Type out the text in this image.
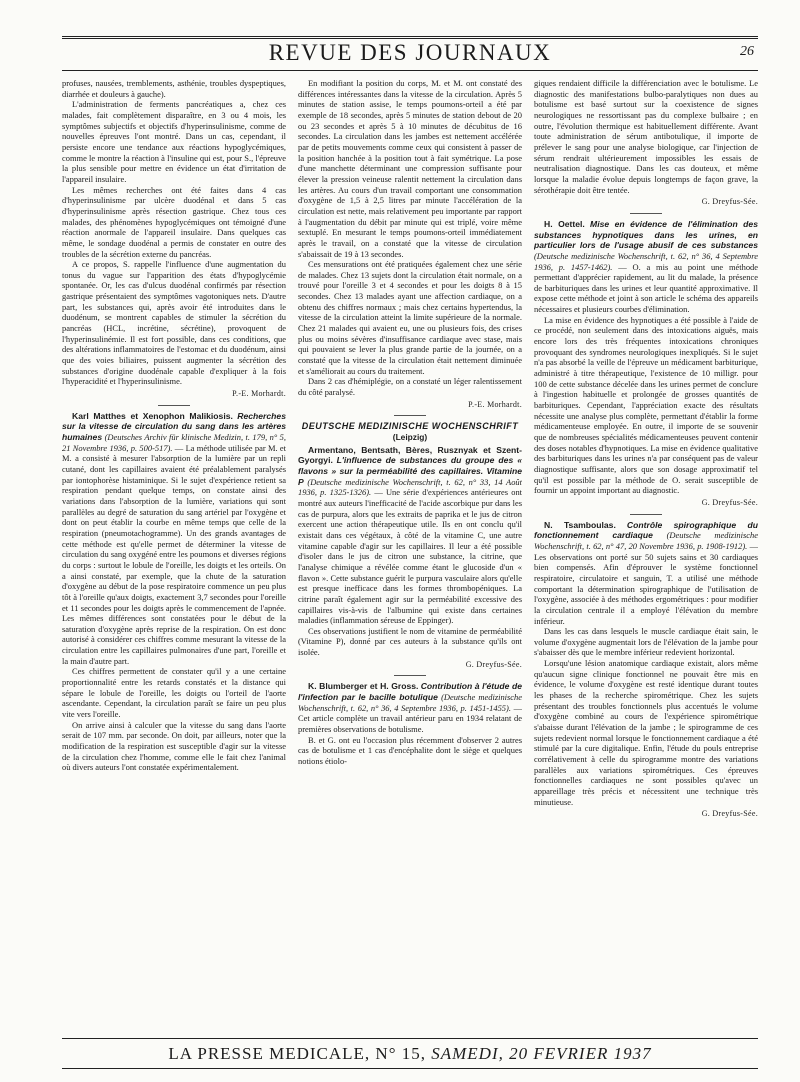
REVUE DES JOURNAUX	26

profuses, nausées, tremblements, asthénie, troubles dyspeptiques, diarrhée et douleurs à gauche).

L'administration de ferments pancréatiques a, chez ces malades, fait complètement disparaître, en 3 ou 4 mois, les symptômes subjectifs et objectifs d'hyperinsulinisme, comme de nouvelles épreuves l'ont montré. Dans un cas, cependant, il persiste encore une tendance aux réactions hypoglycémiques, comme le montre la réaction à l'insuline qui est, pour S., l'épreuve la plus sensible pour mettre en évidence un état d'irritation de l'appareil insulaire.

Les mêmes recherches ont été faites dans 4 cas d'hyperinsulinisme par ulcère duodénal et dans 5 cas d'hyperinsulinisme après résection gastrique. Chez tous ces malades, des phénomènes hypoglycémiques ont témoigné d'une réaction anormale de l'appareil insulaire. Dans quelques cas même, le sondage duodénal a permis de constater en outre des troubles de la sécrétion externe du pancréas.

A ce propos, S. rappelle l'influence d'une augmentation du tonus du vague sur l'apparition des états d'hypoglycémie spontanée. Or, les cas d'ulcus duodénal confirmés par résection gastrique présentaient des symptômes vagotoniques nets. D'autre part, les substances qui, après avoir été introduites dans le duodénum, se montrent capables de stimuler la sécrétion du pancréas (HCL, incrétine, sécrétine), provoquent de l'hyperinsulinémie. Il est fort possible, dans ces conditions, que des altérations inflammatoires de l'estomac et du duodénum, ainsi que des voies biliaires, puissent augmenter la sécrétion des substances d'origine duodénale capable d'expliquer à la fois l'hyperacidité et l'hyperinsulinisme.

P.-E. Morhardt.

Karl Matthes et Xenophon Malikiosis. Recherches sur la vitesse de circulation du sang dans les artères humaines (Deutsches Archiv für klinische Medizin, t. 179, n° 5, 21 Novembre 1936, p. 500-517). — La méthode utilisée par M. et M. a consisté à mesurer l'absorption de la lumière par un repli cutané, dont les capillaires avaient été préalablement paralysés par iontophorèse histaminique. Si le sujet d'expérience retient sa respiration pendant quelque temps, on constate ainsi des variations dans l'absorption de la lumière, variations qui sont parallèles au degré de saturation du sang artériel par l'oxygène et dont on peut établir la courbe en même temps que celle de la respiration (pneumotachogramme). Un des grands avantages de cette méthode est qu'elle permet de déterminer la vitesse de circulation du sang oxygéné entre les poumons et diverses régions du corps : surtout le lobule de l'oreille, les doigts et les orteils. On a ainsi constaté, par exemple, que la chute de la saturation d'oxygène au début de la pose respiratoire commence un peu plus tôt à l'oreille qu'aux doigts, exactement 3,7 secondes pour l'oreille et 11 secondes pour les doigts après le commencement de l'apnée. Les mêmes différences sont constatées pour le début de la saturation d'oxygène après reprise de la respiration. On est donc autorisé à considérer ces chiffres comme mesurant la vitesse de la circulation entre les capillaires pulmonaires d'une part, l'oreille et la main d'autre part.

Ces chiffres permettent de constater qu'il y a une certaine proportionnalité entre les retards constatés et la distance qui sépare le lobule de l'oreille, les doigts ou l'orteil de l'aorte ascendante. Cependant, la circulation paraît se faire un peu plus vite vers l'oreille.

On arrive ainsi à calculer que la vitesse du sang dans l'aorte serait de 107 mm. par seconde. On doit, par ailleurs, noter que la modification de la respiration est susceptible d'agir sur la vitesse de la circulation chez l'homme, comme elle le fait chez l'animal où divers auteurs l'ont constatée expérimentalement.

En modifiant la position du corps, M. et M. ont constaté des différences intéressantes dans la vitesse de la circulation. Après 5 minutes de station assise, le temps poumons-orteil a été par exemple de 18 secondes, après 5 minutes de station debout de 20 ou 23 secondes et après 5 à 10 minutes de décubitus de 16 secondes. La circulation dans les jambes est nettement accélérée par de petits mouvements comme ceux qui consistent à passer de la position hanchée à la position tout à fait symétrique. La pose d'une manchette déterminant une compression suffisante pour élever la pression veineuse ralentit nettement la circulation dans les artères. Au cours d'un travail comportant une consommation d'oxygène de 1,5 à 2,5 litres par minute l'accélération de la circulation est nette, mais relativement peu importante par rapport à l'augmentation du débit par minute qui est triplé, voire même sextuplé. En mesurant le temps poumons-orteil immédiatement après le travail, on a constaté que la vitesse de circulation s'abaissait de 19 à 13 secondes.

Ces mensurations ont été pratiquées également chez une série de malades. Chez 13 sujets dont la circulation était normale, on a trouvé pour l'oreille 3 et 4 secondes et pour les doigts 8 à 15 secondes. Chez 13 malades ayant une affection cardiaque, on a obtenu des chiffres normaux ; mais chez certains hypertendus, la vitesse de la circulation atteint la limite supérieure de la normale. Chez 21 malades qui avaient eu, une ou plusieurs fois, des crises plus ou moins sévères d'insuffisance cardiaque avec stase, mais qui pouvaient se lever la plus grande partie de la journée, on a constaté que la vitesse de la circulation était nettement diminuée et s'améliorait au cours du traitement.

Dans 2 cas d'hémiplégie, on a constaté un léger ralentissement du côté paralysé.

P.-E. Morhardt.
DEUTSCHE MEDIZINISCHE WOCHENSCHRIFT
(Leipzig)

Armentano, Bentsath, Bères, Rusznyak et Szent-Gyorgyi. L'influence de substances du groupe des « flavons » sur la perméabilité des capillaires. Vitamine P (Deutsche medizinische Wochenschrift, t. 62, n° 33, 14 Août 1936, p. 1325-1326). — Une série d'expériences antérieures ont montré aux auteurs l'inefficacité de l'acide ascorbique pur dans les cas de purpura, alors que les extraits de paprika et le jus de citron exercent une action thérapeutique utile. Ils en ont conclu qu'il existait dans ces végétaux, à côté de la vitamine C, une autre vitamine capable d'agir sur les capillaires. Il leur a été possible d'isoler dans le jus de citron une substance, la citrine, que l'analyse chimique a révélée comme étant le glucoside d'un « flavon ». Cette substance guérit le purpura vasculaire alors qu'elle est presque inefficace dans les formes thrombopéniques. La citrine paraît également agir sur la perméabilité excessive des capillaires vis-à-vis de l'albumine qui existe dans certaines maladies (inflammation séreuse de Eppinger).

Ces observations justifient le nom de vitamine de perméabilité (Vitamine P), donné par ces auteurs à la substance qu'ils ont isolée.

G. Dreyfus-Sée.

K. Blumberger et H. Gross. Contribution à l'étude de l'infection par le bacille botulique (Deutsche medizinische Wochenschrift, t. 62, n° 36, 4 Septembre 1936, p. 1451-1455). — Cet article complète un travail antérieur paru en 1934 relatant de premières observations de botulisme.

B. et G. ont eu l'occasion plus récemment d'observer 2 autres cas de botulisme et 1 cas d'encéphalite dont le siège et quelques notions étiolo-

giques rendaient difficile la différenciation avec le botulisme. Le diagnostic des manifestations bulbo-paralytiques non dues au botulisme est basé surtout sur la coexistence de signes neurologiques ne ressortissant pas du complexe bulbaire ; en outre, l'évolution thermique est habituellement différente. Avant toute administration de sérum antibotulique, il importe de prélever le sang pour une analyse biologique, car l'injection de sérum rendrait ultérieurement impossibles les essais de neutralisation diagnostique. Dans les cas douteux, et même lorsque la maladie évolue depuis longtemps de façon grave, la sérothérapie doit être tentée.

G. Dreyfus-Sée.

H. Oettel. Mise en évidence de l'élimination des substances hypnotiques dans les urines, en particulier lors de l'usage abusif de ces substances (Deutsche medizinische Wochenschrift, t. 62, n° 36, 4 Septembre 1936, p. 1457-1462). — O. a mis au point une méthode permettant d'apprécier rapidement, au lit du malade, la présence de barbituriques dans les urines et leur quantité approximative. Il expose cette méthode et joint à son article le schéma des appareils nécessaires et plusieurs courbes d'élimination.

La mise en évidence des hypnotiques a été possible à l'aide de ce procédé, non seulement dans des intoxications aiguës, mais encore lors des très fréquentes intoxications chroniques provoquant des syndromes neurologiques inexpliqués. Si le sujet n'a pas absorbé la veille de l'épreuve un médicament barbiturique, administré à titre thérapeutique, l'existence de 10 milligr. pour 100 de cette substance décelée dans les urines permet de conclure à l'ingestion habituelle et prolongée de grosses quantités de barbituriques. Cependant, l'appréciation exacte des résultats nécessite une analyse plus complète, permettant d'établir la forme médicamenteuse employée. En outre, il importe de se souvenir que de nombreuses spécialités médicamenteuses peuvent contenir des doses notables d'hypnotiques. La mise en évidence qualitative des barbituriques dans les urines n'a par conséquent pas de valeur diagnostique suffisante, alors que son dosage approximatif tel qu'il est possible par la méthode de O. serait susceptible de fournir un appoint important au diagnostic.

G. Dreyfus-Sée.

N. Tsamboulas. Contrôle spirographique du fonctionnement cardiaque (Deutsche medizinische Wochenschrift, t. 62, n° 47, 20 Novembre 1936, p. 1908-1912). — Les observations ont porté sur 50 sujets sains et 30 cardiaques bien compensés. Afin d'éprouver le système fonctionnel respiratoire, circulatoire et sanguin, T. a utilisé une méthode comportant la détermination spirographique de l'utilisation de l'oxygène, associée à des méthodes ergométriques : pour modifier la circulation centrale il a employé l'élévation du membre inférieur.

Dans les cas dans lesquels le muscle cardiaque était sain, le volume d'oxygène augmentait lors de l'élévation de la jambe pour s'abaisser dès que le membre inférieur redevient horizontal.

Lorsqu'une lésion anatomique cardiaque existait, alors même qu'aucun signe clinique fonctionnel ne pouvait être mis en évidence, le volume d'oxygène est resté identique durant toutes les phases de la recherche spirométrique. Chez les sujets présentant des troubles fonctionnels plus accentués le volume d'oxygène combiné au cours de l'expérience spirométrique s'abaisse durant l'élévation de la jambe ; le spirogramme de ces sujets redevient normal lorsque le fonctionnement cardiaque a été stimulé par la cure digitalique. Enfin, l'étude du pouls entreprise corrélativement à celle du spirogramme montre des variations parallèles aux variations spirométriques. Ces épreuves fonctionnelles cardiaques ne sont possibles qu'avec un appareillage très précis et nécessitent une technique très minutieuse.

G. Dreyfus-Sée.
LA PRESSE MEDICALE, N° 15, SAMEDI, 20 FEVRIER 1937
